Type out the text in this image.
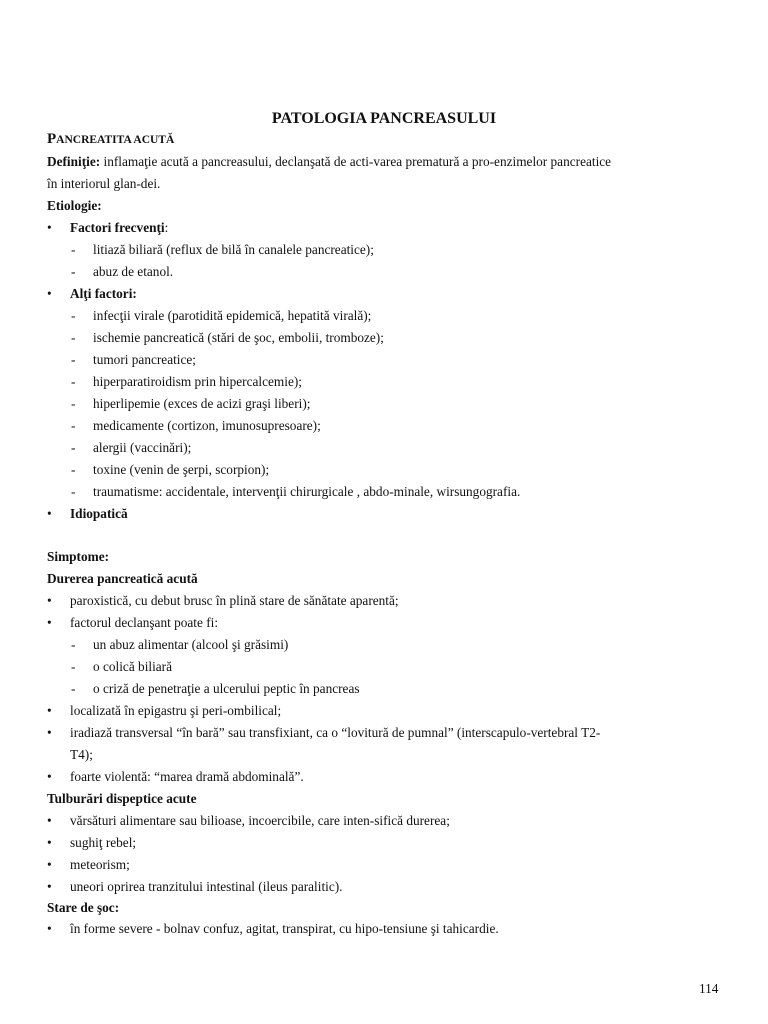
PATOLOGIA PANCREASULUI
PANCREATITA ACUTĂ
Definiţie: inflamaţie acută a pancreasului, declanşată de acti-varea prematură a pro-enzimelor pancreatice
în interiorul glan-dei.
Etiologie:
• Factori frecvenţi:
- litiază biliară (reflux de bilă în canalele pancreatice);
- abuz de etanol.
• Alţi factori:
- infecţii virale (parotidită epidemică, hepatită virală);
- ischemie pancreatică (stări de şoc, embolii, tromboze);
- tumori pancreatice;
- hiperparatiroidism prin hipercalcemie);
- hiperlipemie (exces de acizi graşi liberi);
- medicamente (cortizon, imunosupresoare);
- alergii (vaccinări);
- toxine (venin de şerpi, scorpion);
- traumatisme: accidentale, intervenţii chirurgicale , abdo-minale, wirsungografia.
• Idiopatică
Simptome:
Durerea pancreatică acută
• paroxistică, cu debut brusc în plină stare de sănătate aparentă;
• factorul declanşant poate fi:
- un abuz alimentar (alcool şi grăsimi)
- o colică biliară
- o criză de penetraţie a ulcerului peptic în pancreas
• localizată în epigastru şi peri-ombilical;
• iradiază transversal “în bară” sau transfixiant, ca o “lovitură de pumnal” (interscapulo-vertebral T2-
T4);
• foarte violentă: “marea dramă abdominală”.
Tulburări dispeptice acute
• vărsături alimentare sau bilioase, incoercibile, care inten-sifică durerea;
• sughiţ rebel;
• meteorism;
• uneori oprirea tranzitului intestinal (ileus paralitic).
Stare de şoc:
• în forme severe - bolnav confuz, agitat, transpirat, cu hipo-tensiune şi tahicardie.
114
